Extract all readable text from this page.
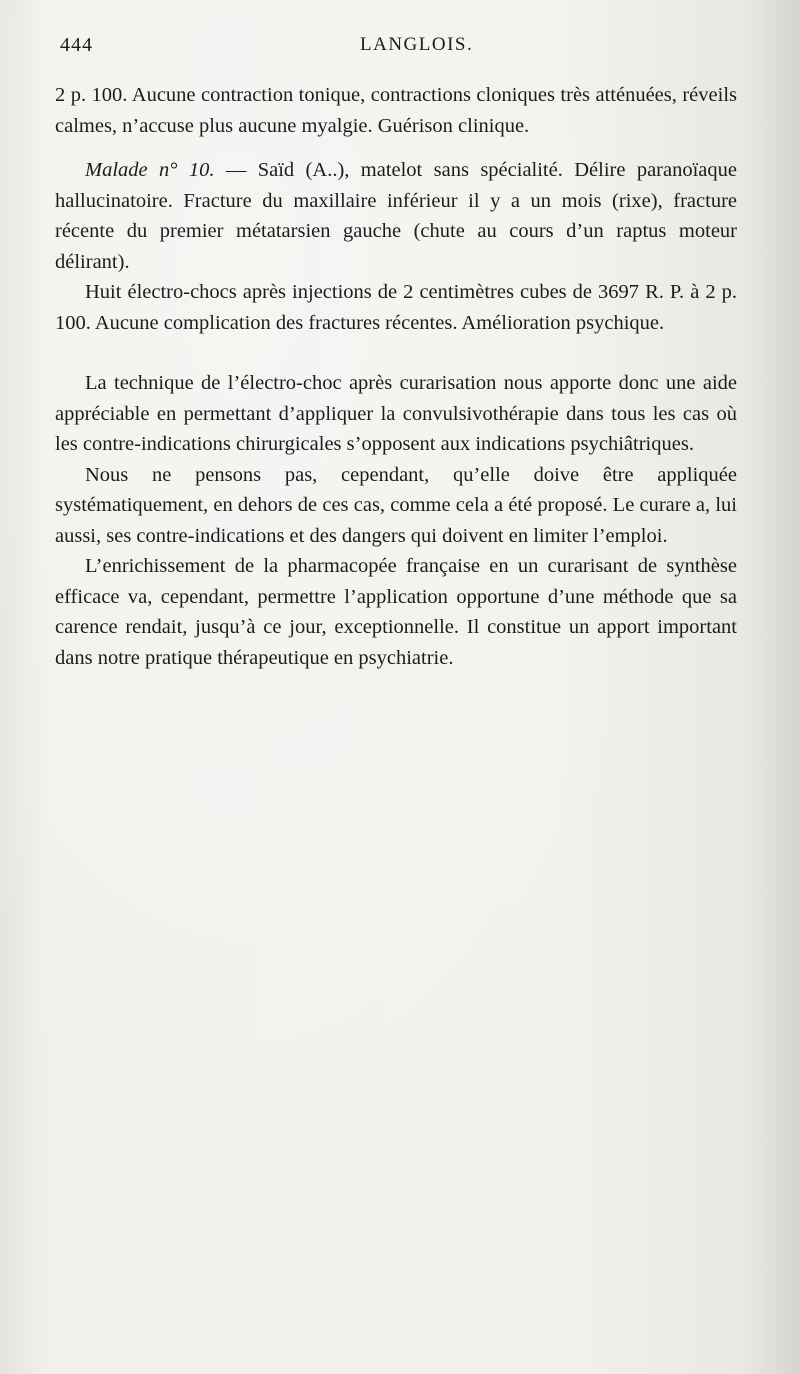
444	LANGLOIS.

2 p. 100. Aucune contraction tonique, contractions cloniques très atténuées, réveils calmes, n’accuse plus aucune myalgie. Guérison clinique.

Malade n° 10. — Saïd (A..), matelot sans spécialité. Délire paranoïaque hallucinatoire. Fracture du maxillaire inférieur il y a un mois (rixe), fracture récente du premier métatarsien gauche (chute au cours d’un raptus moteur délirant).

Huit électro-chocs après injections de 2 centimètres cubes de 3697 R. P. à 2 p. 100. Aucune complication des fractures récentes. Amélioration psychique.

La technique de l’électro-choc après curarisation nous apporte donc une aide appréciable en permettant d’appliquer la convulsivothérapie dans tous les cas où les contre-indications chirurgicales s’opposent aux indications psychiâtriques.

Nous ne pensons pas, cependant, qu’elle doive être appliquée systématiquement, en dehors de ces cas, comme cela a été proposé. Le curare a, lui aussi, ses contre-indications et des dangers qui doivent en limiter l’emploi.

L’enrichissement de la pharmacopée française en un curarisant de synthèse efficace va, cependant, permettre l’application opportune d’une méthode que sa carence rendait, jusqu’à ce jour, exceptionnelle. Il constitue un apport important dans notre pratique thérapeutique en psychiatrie.
